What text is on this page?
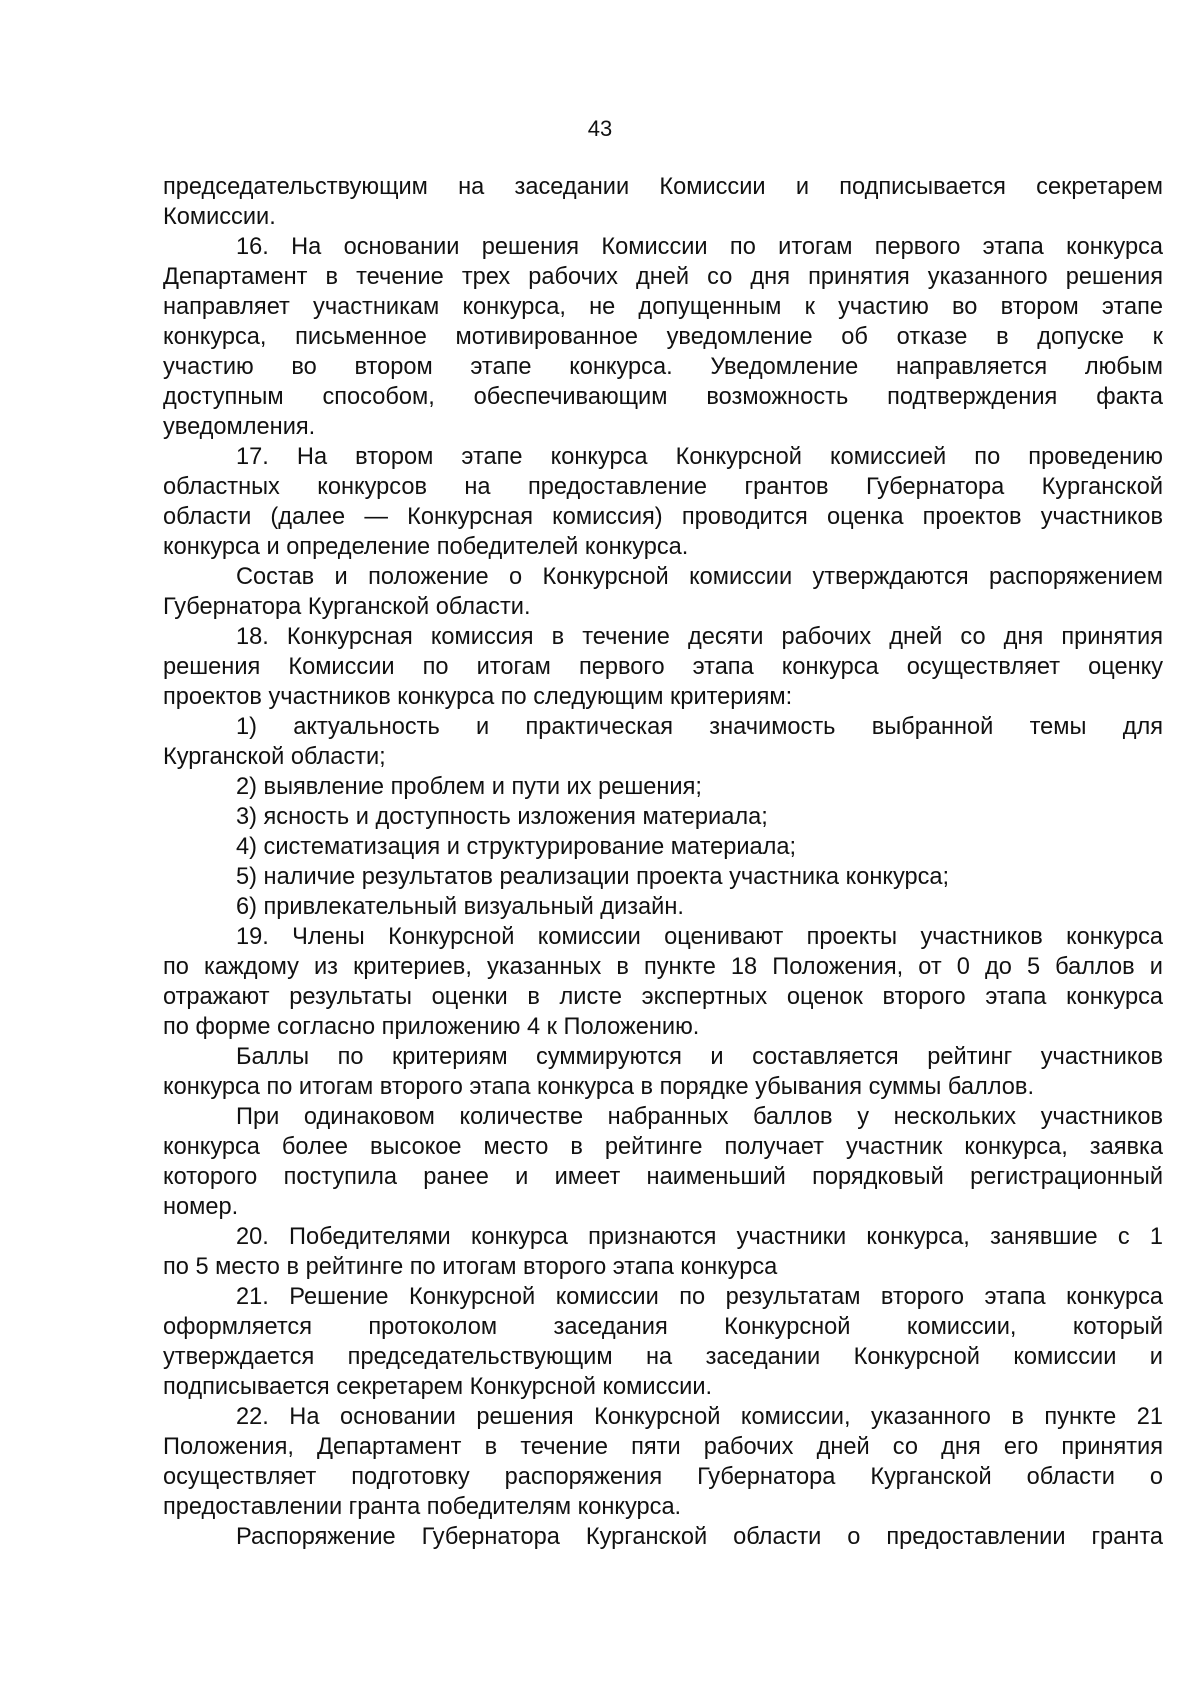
43

председательствующим на заседании Комиссии и подписывается секретарем

Комиссии.

16. На основании решения Комиссии по итогам первого этапа конкурса

Департамент в течение трех рабочих дней со дня принятия указанного решения

направляет участникам конкурса, не допущенным к участию во втором этапе

конкурса, письменное мотивированное уведомление об отказе в допуске к

участию во втором этапе конкурса. Уведомление направляется любым

доступным способом, обеспечивающим возможность подтверждения факта

уведомления.

17. На втором этапе конкурса Конкурсной комиссией по проведению

областных конкурсов на предоставление грантов Губернатора Курганской

области (далее — Конкурсная комиссия) проводится оценка проектов участников

конкурса и определение победителей конкурса.

Состав и положение о Конкурсной комиссии утверждаются распоряжением

Губернатора Курганской области.

18. Конкурсная комиссия в течение десяти рабочих дней со дня принятия

решения Комиссии по итогам первого этапа конкурса осуществляет оценку

проектов участников конкурса по следующим критериям:

1) актуальность и практическая значимость выбранной темы для

Курганской области;

2) выявление проблем и пути их решения;

3) ясность и доступность изложения материала;

4) систематизация и структурирование материала;

5) наличие результатов реализации проекта участника конкурса;

6) привлекательный визуальный дизайн.

19. Члены Конкурсной комиссии оценивают проекты участников конкурса

по каждому из критериев, указанных в пункте 18 Положения, от 0 до 5 баллов и

отражают результаты оценки в листе экспертных оценок второго этапа конкурса

по форме согласно приложению 4 к Положению.

Баллы по критериям суммируются и составляется рейтинг участников

конкурса по итогам второго этапа конкурса в порядке убывания суммы баллов.

При одинаковом количестве набранных баллов у нескольких участников

конкурса более высокое место в рейтинге получает участник конкурса, заявка

которого поступила ранее и имеет наименьший порядковый регистрационный

номер.

20. Победителями конкурса признаются участники конкурса, занявшие с 1

по 5 место в рейтинге по итогам второго этапа конкурса

21. Решение Конкурсной комиссии по результатам второго этапа конкурса

оформляется протоколом заседания Конкурсной комиссии, который

утверждается председательствующим на заседании Конкурсной комиссии и

подписывается секретарем Конкурсной комиссии.

22. На основании решения Конкурсной комиссии, указанного в пункте 21

Положения, Департамент в течение пяти рабочих дней со дня его принятия

осуществляет подготовку распоряжения Губернатора Курганской области о

предоставлении гранта победителям конкурса.

Распоряжение Губернатора Курганской области о предоставлении гранта
